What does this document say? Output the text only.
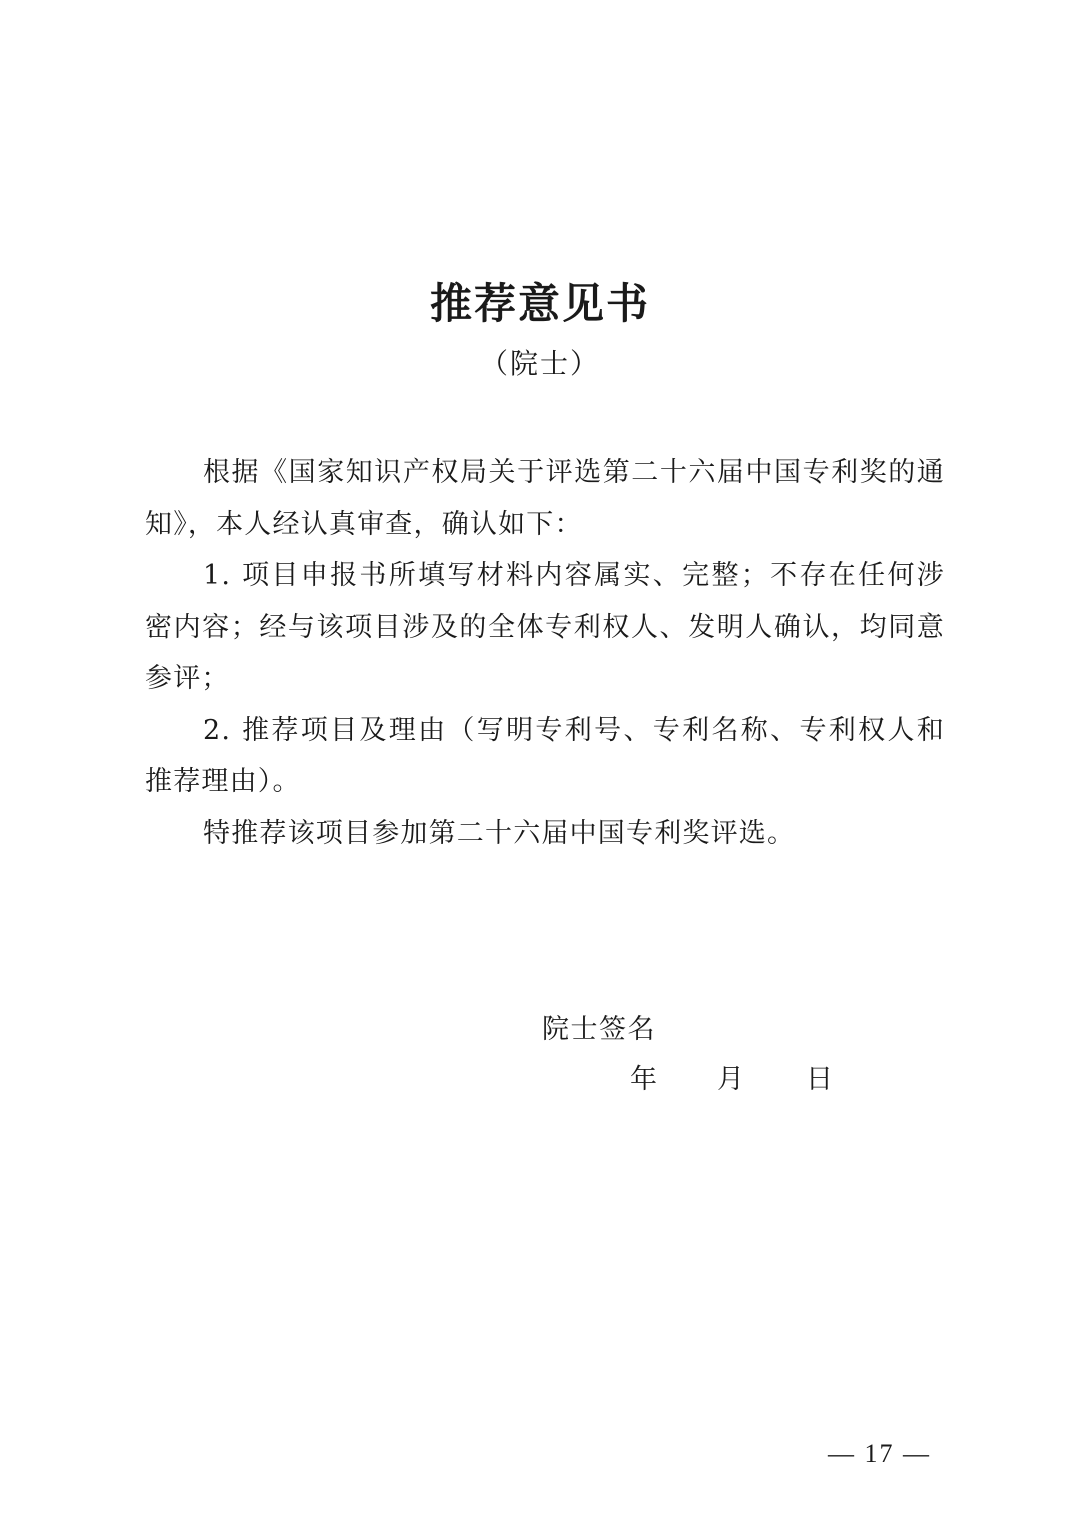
推荐意见书
（院士）

根据《国家知识产权局关于评选第二十六届中国专利奖的通知》，本人经认真审查，确认如下：

1. 项目申报书所填写材料内容属实、完整；不存在任何涉密内容；经与该项目涉及的全体专利权人、发明人确认，均同意参评；

2. 推荐项目及理由（写明专利号、专利名称、专利权人和推荐理由）。

特推荐该项目参加第二十六届中国专利奖评选。

院士签名
年 月 日
— 17 —
